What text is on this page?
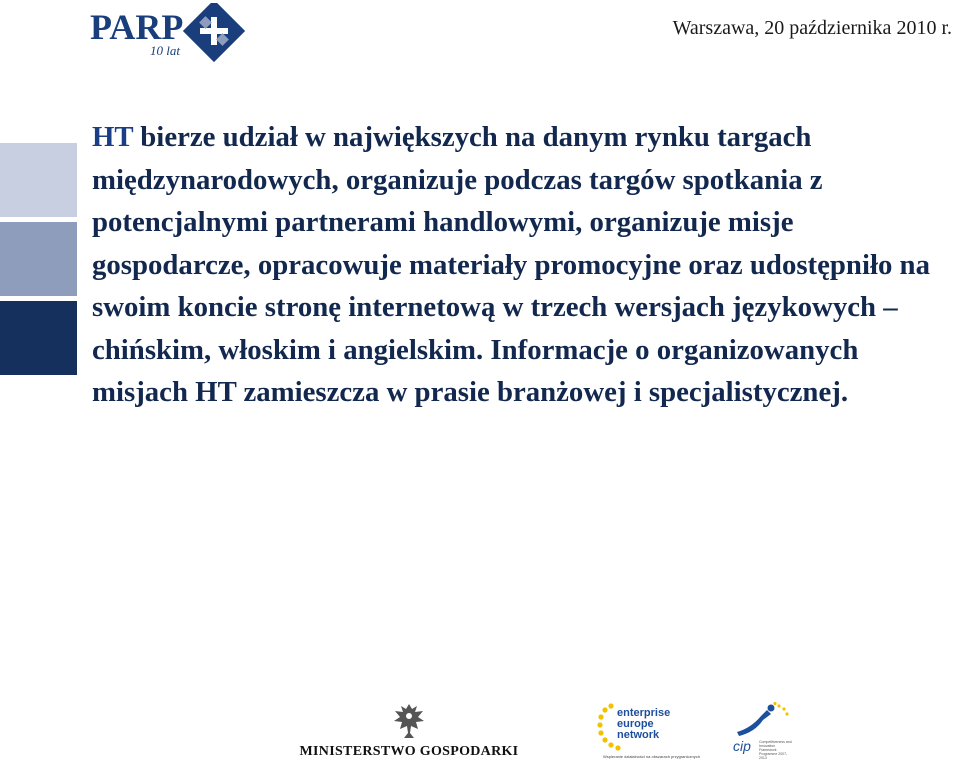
PARP
10 lat
Warszawa, 20 października 2010 r.

HT bierze udział w największych na danym rynku targach międzynarodowych, organizuje podczas targów spotkania z potencjalnymi partnerami handlowymi, organizuje misje gospodarcze, opracowuje materiały promocyjne oraz udostępniło na swoim koncie stronę internetową w trzech wersjach językowych – chińskim, włoskim i angielskim. Informacje o organizowanych misjach HT zamieszcza w prasie branżowej i specjalistycznej.

MINISTERSTWO GOSPODARKI
enterprise
europe
network
Wspieranie działalności na obszarach przygranicznych
cip Competitiveness and Innovation Framework Programme 2007-2013
